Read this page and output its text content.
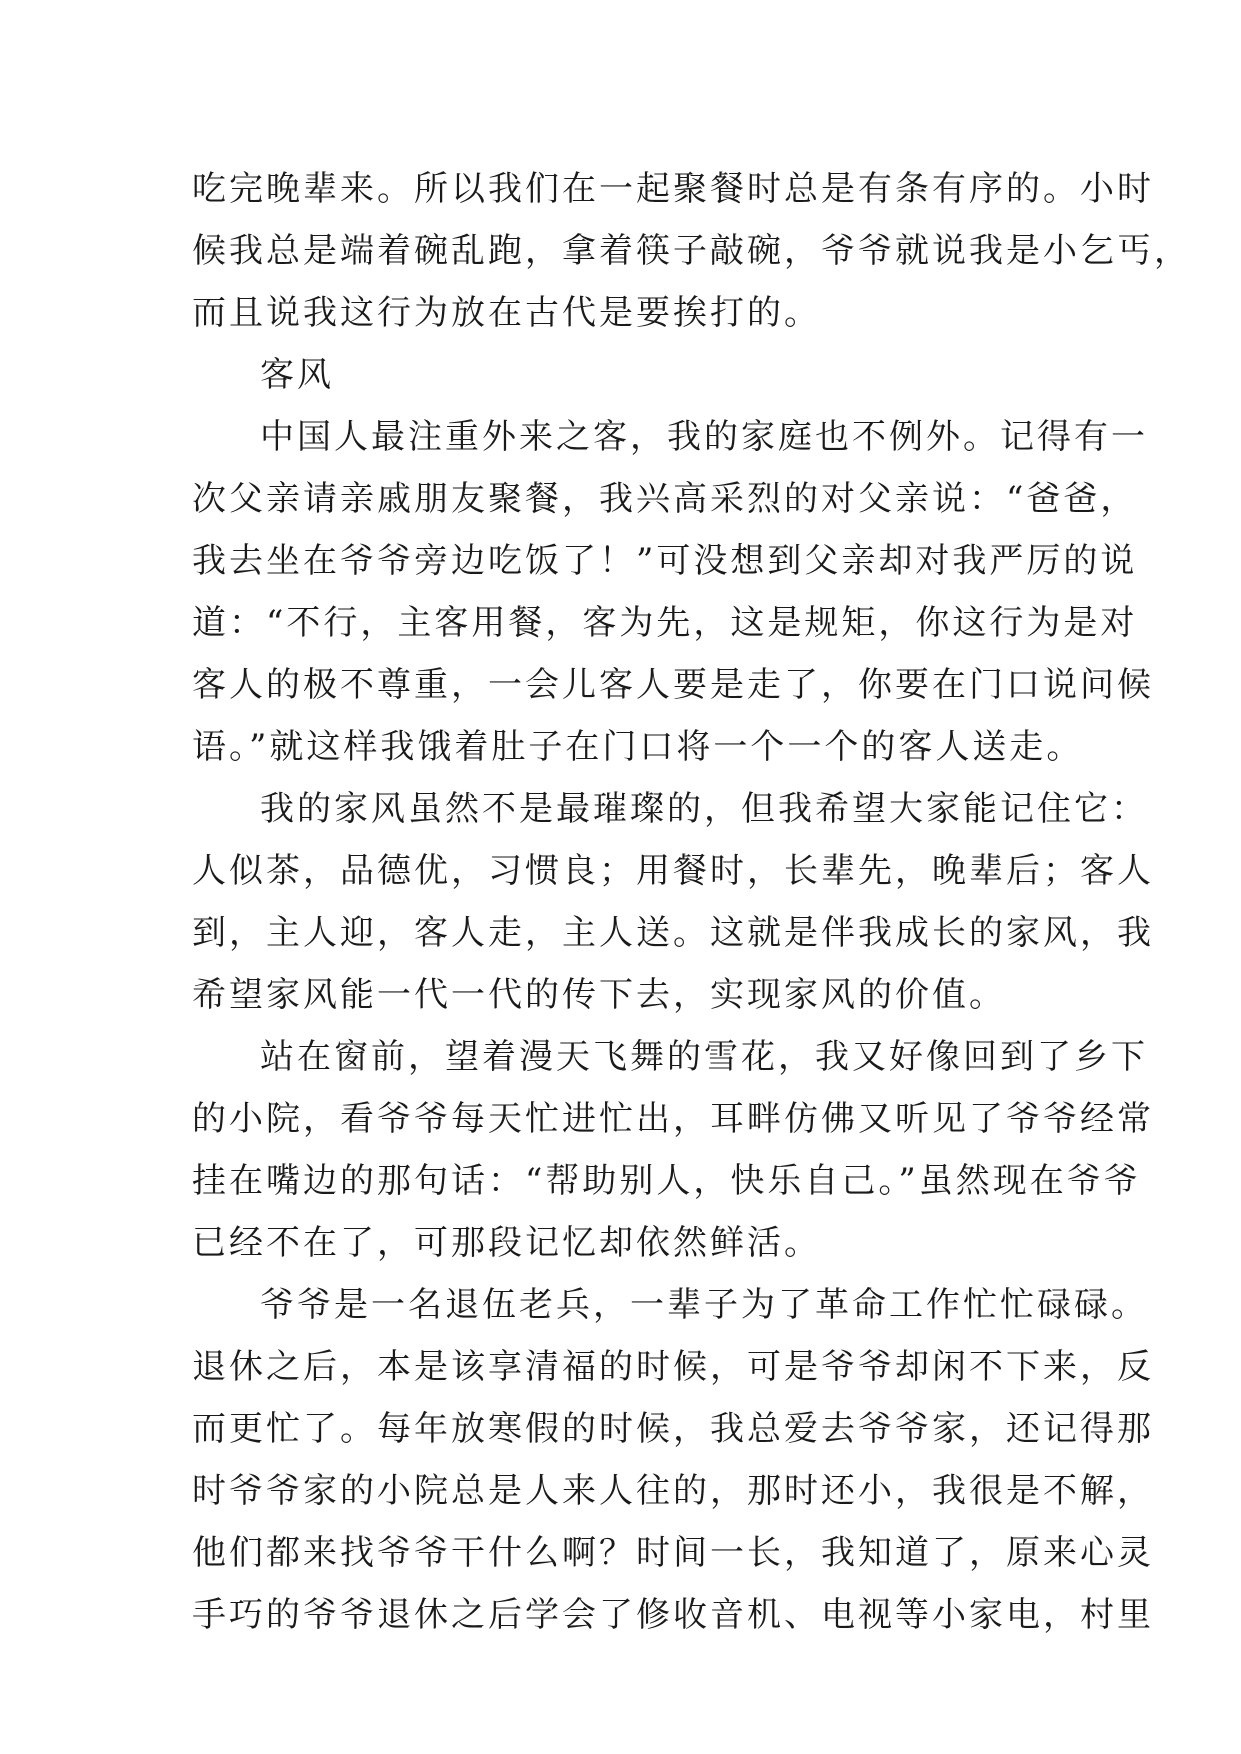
吃完晚辈来。所以我们在一起聚餐时总是有条有序的。小时

候我总是端着碗乱跑，拿着筷子敲碗，爷爷就说我是小乞丐，

而且说我这行为放在古代是要挨打的。

客风

中国人最注重外来之客，我的家庭也不例外。记得有一

次父亲请亲戚朋友聚餐，我兴高采烈的对父亲说：“爸爸，

我去坐在爷爷旁边吃饭了！”可没想到父亲却对我严厉的说

道：“不行，主客用餐，客为先，这是规矩，你这行为是对

客人的极不尊重，一会儿客人要是走了，你要在门口说问候

语。”就这样我饿着肚子在门口将一个一个的客人送走。

我的家风虽然不是最璀璨的，但我希望大家能记住它：

人似茶，品德优，习惯良；用餐时，长辈先，晚辈后；客人

到，主人迎，客人走，主人送。这就是伴我成长的家风，我

希望家风能一代一代的传下去，实现家风的价值。

站在窗前，望着漫天飞舞的雪花，我又好像回到了乡下

的小院，看爷爷每天忙进忙出，耳畔仿佛又听见了爷爷经常

挂在嘴边的那句话：“帮助别人，快乐自己。”虽然现在爷爷

已经不在了，可那段记忆却依然鲜活。

爷爷是一名退伍老兵，一辈子为了革命工作忙忙碌碌。

退休之后，本是该享清福的时候，可是爷爷却闲不下来，反

而更忙了。每年放寒假的时候，我总爱去爷爷家，还记得那

时爷爷家的小院总是人来人往的，那时还小，我很是不解，

他们都来找爷爷干什么啊？时间一长，我知道了，原来心灵

手巧的爷爷退休之后学会了修收音机、电视等小家电，村里
